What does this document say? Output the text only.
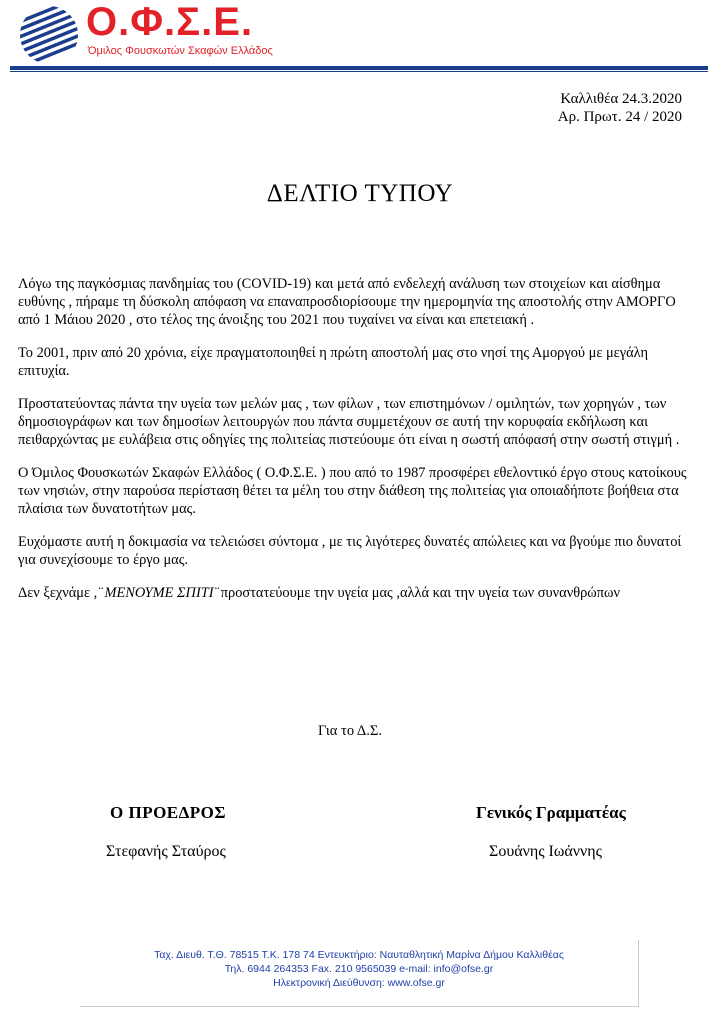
Ο.Φ.Σ.Ε.
Όμιλος Φουσκωτών Σκαφών Ελλάδος
Καλλιθέα 24.3.2020
Αρ. Πρωτ. 24 / 2020
ΔΕΛΤΙΟ ΤΥΠΟΥ

Λόγω της παγκόσμιας πανδημίας του (COVID-19) και μετά από ενδελεχή ανάλυση των στοιχείων και αίσθημα ευθύνης , πήραμε τη δύσκολη απόφαση να επαναπροσδιορίσουμε την ημερομηνία της αποστολής στην ΑΜΟΡΓΟ από 1 Μάιου 2020 , στο τέλος της άνοιξης του 2021 που τυχαίνει να είναι και επετειακή .

Το 2001, πριν από 20 χρόνια, είχε πραγματοποιηθεί η πρώτη αποστολή μας στο νησί της Αμοργού με μεγάλη επιτυχία.

Προστατεύοντας πάντα την υγεία των μελών μας , των φίλων , των επιστημόνων / ομιλητών, των χορηγών , των δημοσιογράφων και των δημοσίων λειτουργών που πάντα συμμετέχουν σε αυτή την κορυφαία εκδήλωση και πειθαρχώντας με ευλάβεια στις οδηγίες της πολιτείας πιστεύουμε ότι είναι η σωστή απόφασή στην σωστή στιγμή .

Ο Όμιλος Φουσκωτών Σκαφών Ελλάδος ( Ο.Φ.Σ.Ε. ) που από το 1987 προσφέρει εθελοντικό έργο στους κατοίκους των νησιών, στην παρούσα περίσταση θέτει τα μέλη του στην διάθεση της πολιτείας για οποιαδήποτε βοήθεια στα πλαίσια των δυνατοτήτων μας.

Ευχόμαστε αυτή η δοκιμασία να τελειώσει σύντομα , με τις λιγότερες δυνατές απώλειες και να βγούμε πιο δυνατοί για συνεχίσουμε το έργο μας.

Δεν ξεχνάμε , ̈ ΜΕΝΟΥΜΕ ΣΠΙΤΙ ̈ προστατεύουμε την υγεία μας ,αλλά και την υγεία των συνανθρώπων

Για το Δ.Σ.
Ο ΠΡΟΕΔΡΟΣ
Στεφανής Σταύρος
Γενικός Γραμματέας
Σουάνης Ιωάννης
Ταχ. Διευθ. Τ.Θ. 78515 Τ.Κ. 178 74 Εντευκτήριο: Ναυταθλητική Μαρίνα Δήμου Καλλιθέας
Τηλ. 6944 264353 Fax. 210 9565039 e-mail: info@ofse.gr
Ηλεκτρονική Διεύθυνση: www.ofse.gr
